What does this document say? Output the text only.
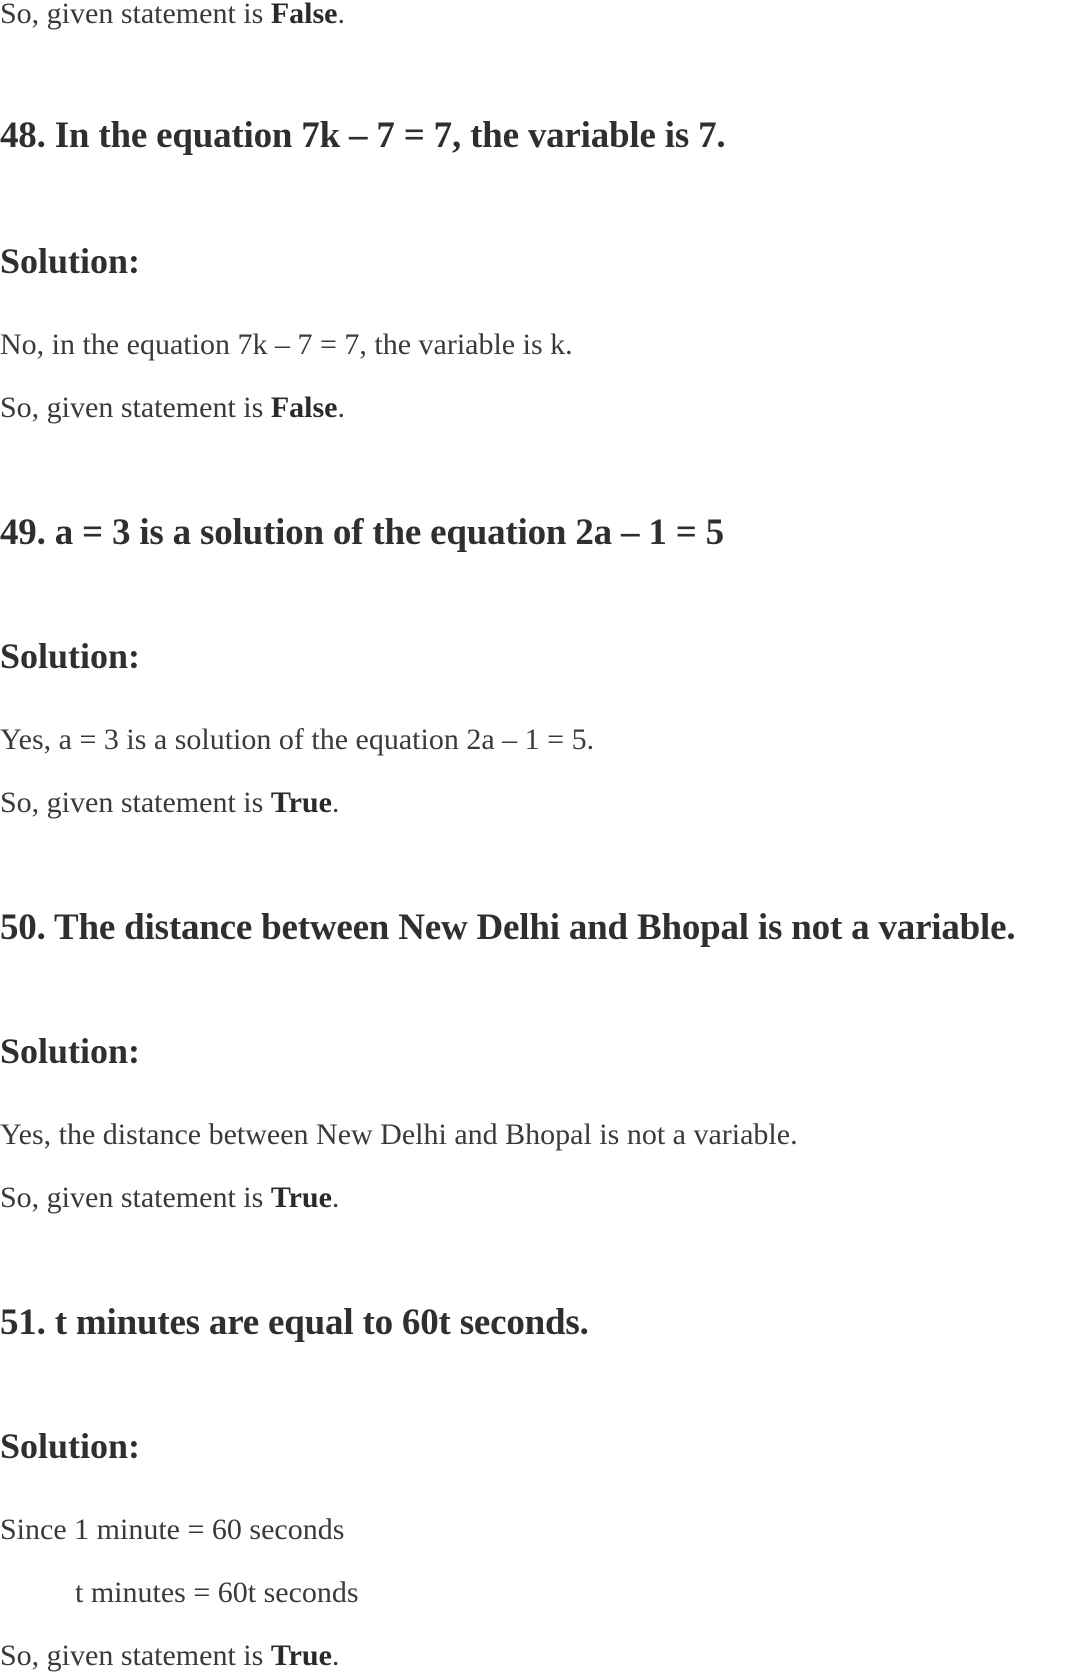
So, given statement is False.

48. In the equation 7k – 7 = 7, the variable is 7.
Solution:

No, in the equation 7k – 7 = 7, the variable is k.

So, given statement is False.

49. a = 3 is a solution of the equation 2a – 1 = 5
Solution:

Yes, a = 3 is a solution of the equation 2a – 1 = 5.

So, given statement is True.

50. The distance between New Delhi and Bhopal is not a variable.
Solution:

Yes, the distance between New Delhi and Bhopal is not a variable.

So, given statement is True.

51. t minutes are equal to 60t seconds.
Solution:

Since 1 minute = 60 seconds

t minutes = 60t seconds

So, given statement is True.
